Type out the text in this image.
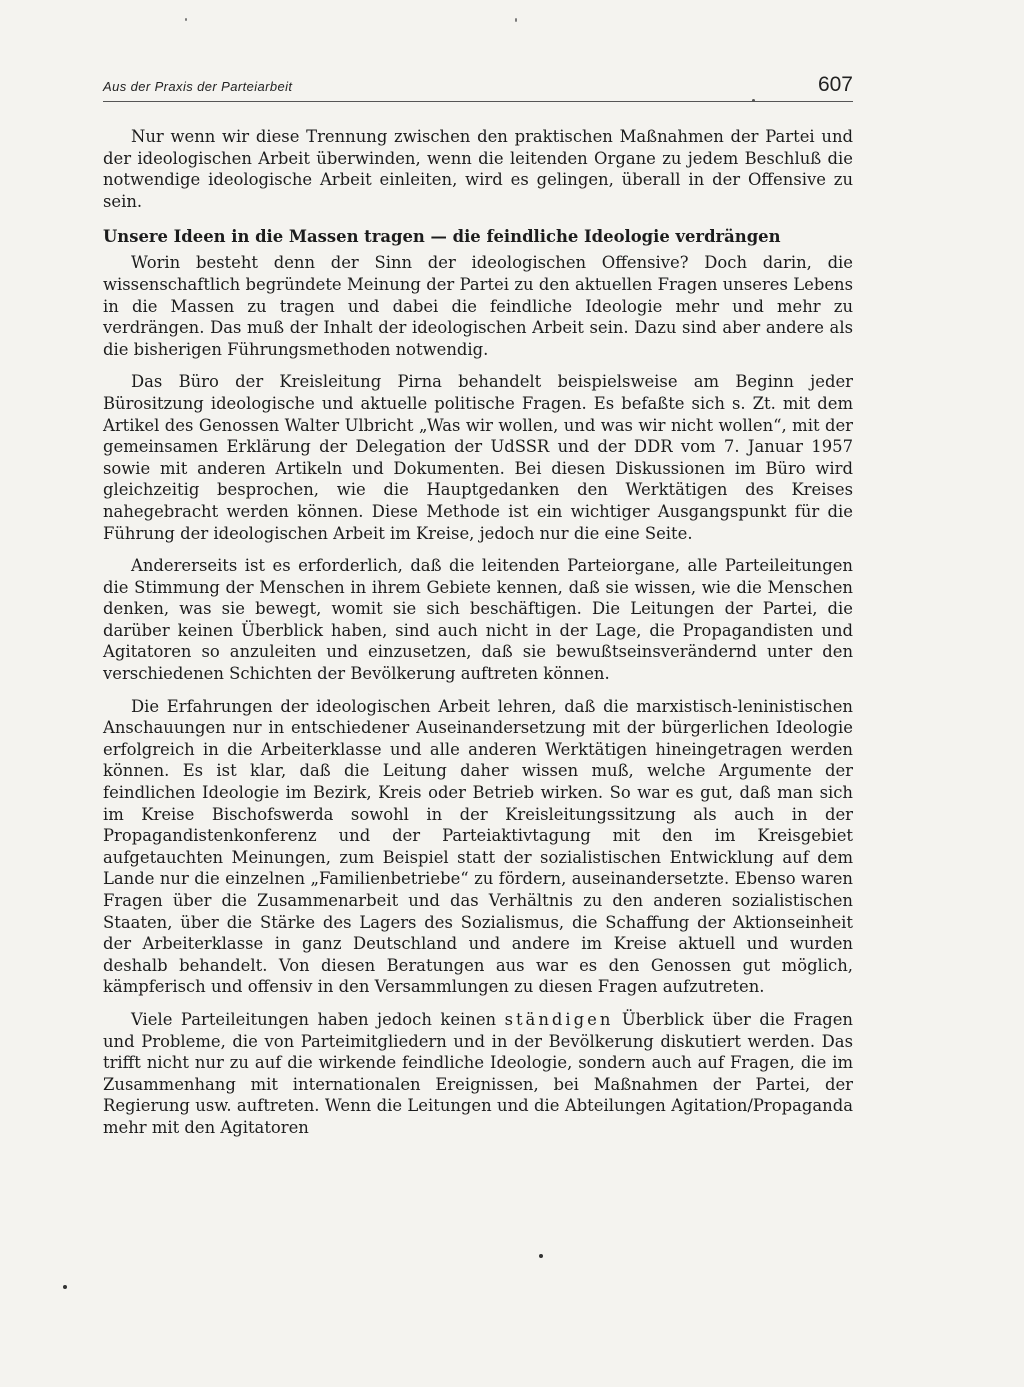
Aus der Praxis der Parteiarbeit	607

Nur wenn wir diese Trennung zwischen den praktischen Maßnahmen der Partei und der ideologischen Arbeit überwinden, wenn die leitenden Organe zu jedem Beschluß die notwendige ideologische Arbeit einleiten, wird es gelingen, überall in der Offensive zu sein.

Unsere Ideen in die Massen tragen — die feindliche Ideologie verdrängen

Worin besteht denn der Sinn der ideologischen Offensive? Doch darin, die wissenschaftlich begründete Meinung der Partei zu den aktuellen Fragen unseres Lebens in die Massen zu tragen und dabei die feindliche Ideologie mehr und mehr zu verdrängen. Das muß der Inhalt der ideologischen Arbeit sein. Dazu sind aber andere als die bisherigen Führungsmethoden notwendig.

Das Büro der Kreisleitung Pirna behandelt beispielsweise am Beginn jeder Bürositzung ideologische und aktuelle politische Fragen. Es befaßte sich s. Zt. mit dem Artikel des Genossen Walter Ulbricht „Was wir wollen, und was wir nicht wollen“, mit der gemeinsamen Erklärung der Delegation der UdSSR und der DDR vom 7. Januar 1957 sowie mit anderen Artikeln und Dokumenten. Bei diesen Diskussionen im Büro wird gleichzeitig besprochen, wie die Hauptgedanken den Werktätigen des Kreises nahegebracht werden können. Diese Methode ist ein wichtiger Ausgangspunkt für die Führung der ideologischen Arbeit im Kreise, jedoch nur die eine Seite.

Andererseits ist es erforderlich, daß die leitenden Parteiorgane, alle Parteileitungen die Stimmung der Menschen in ihrem Gebiete kennen, daß sie wissen, wie die Menschen denken, was sie bewegt, womit sie sich beschäftigen. Die Leitungen der Partei, die darüber keinen Überblick haben, sind auch nicht in der Lage, die Propagandisten und Agitatoren so anzuleiten und einzusetzen, daß sie bewußtseinsverändernd unter den verschiedenen Schichten der Bevölkerung auftreten können.

Die Erfahrungen der ideologischen Arbeit lehren, daß die marxistisch-leninistischen Anschauungen nur in entschiedener Auseinandersetzung mit der bürgerlichen Ideologie erfolgreich in die Arbeiterklasse und alle anderen Werktätigen hineingetragen werden können. Es ist klar, daß die Leitung daher wissen muß, welche Argumente der feindlichen Ideologie im Bezirk, Kreis oder Betrieb wirken. So war es gut, daß man sich im Kreise Bischofswerda sowohl in der Kreisleitungssitzung als auch in der Propagandistenkonferenz und der Parteiaktivtagung mit den im Kreisgebiet aufgetauchten Meinungen, zum Beispiel statt der sozialistischen Entwicklung auf dem Lande nur die einzelnen „Familienbetriebe“ zu fördern, auseinandersetzte. Ebenso waren Fragen über die Zusammenarbeit und das Verhältnis zu den anderen sozialistischen Staaten, über die Stärke des Lagers des Sozialismus, die Schaffung der Aktionseinheit der Arbeiterklasse in ganz Deutschland und andere im Kreise aktuell und wurden deshalb behandelt. Von diesen Beratungen aus war es den Genossen gut möglich, kämpferisch und offensiv in den Versammlungen zu diesen Fragen aufzutreten.

Viele Parteileitungen haben jedoch keinen ständigen Überblick über die Fragen und Probleme, die von Parteimitgliedern und in der Bevölkerung diskutiert werden. Das trifft nicht nur zu auf die wirkende feindliche Ideologie, sondern auch auf Fragen, die im Zusammenhang mit internationalen Ereignissen, bei Maßnahmen der Partei, der Regierung usw. auftreten. Wenn die Leitungen und die Abteilungen Agitation/Propaganda mehr mit den Agitatoren
